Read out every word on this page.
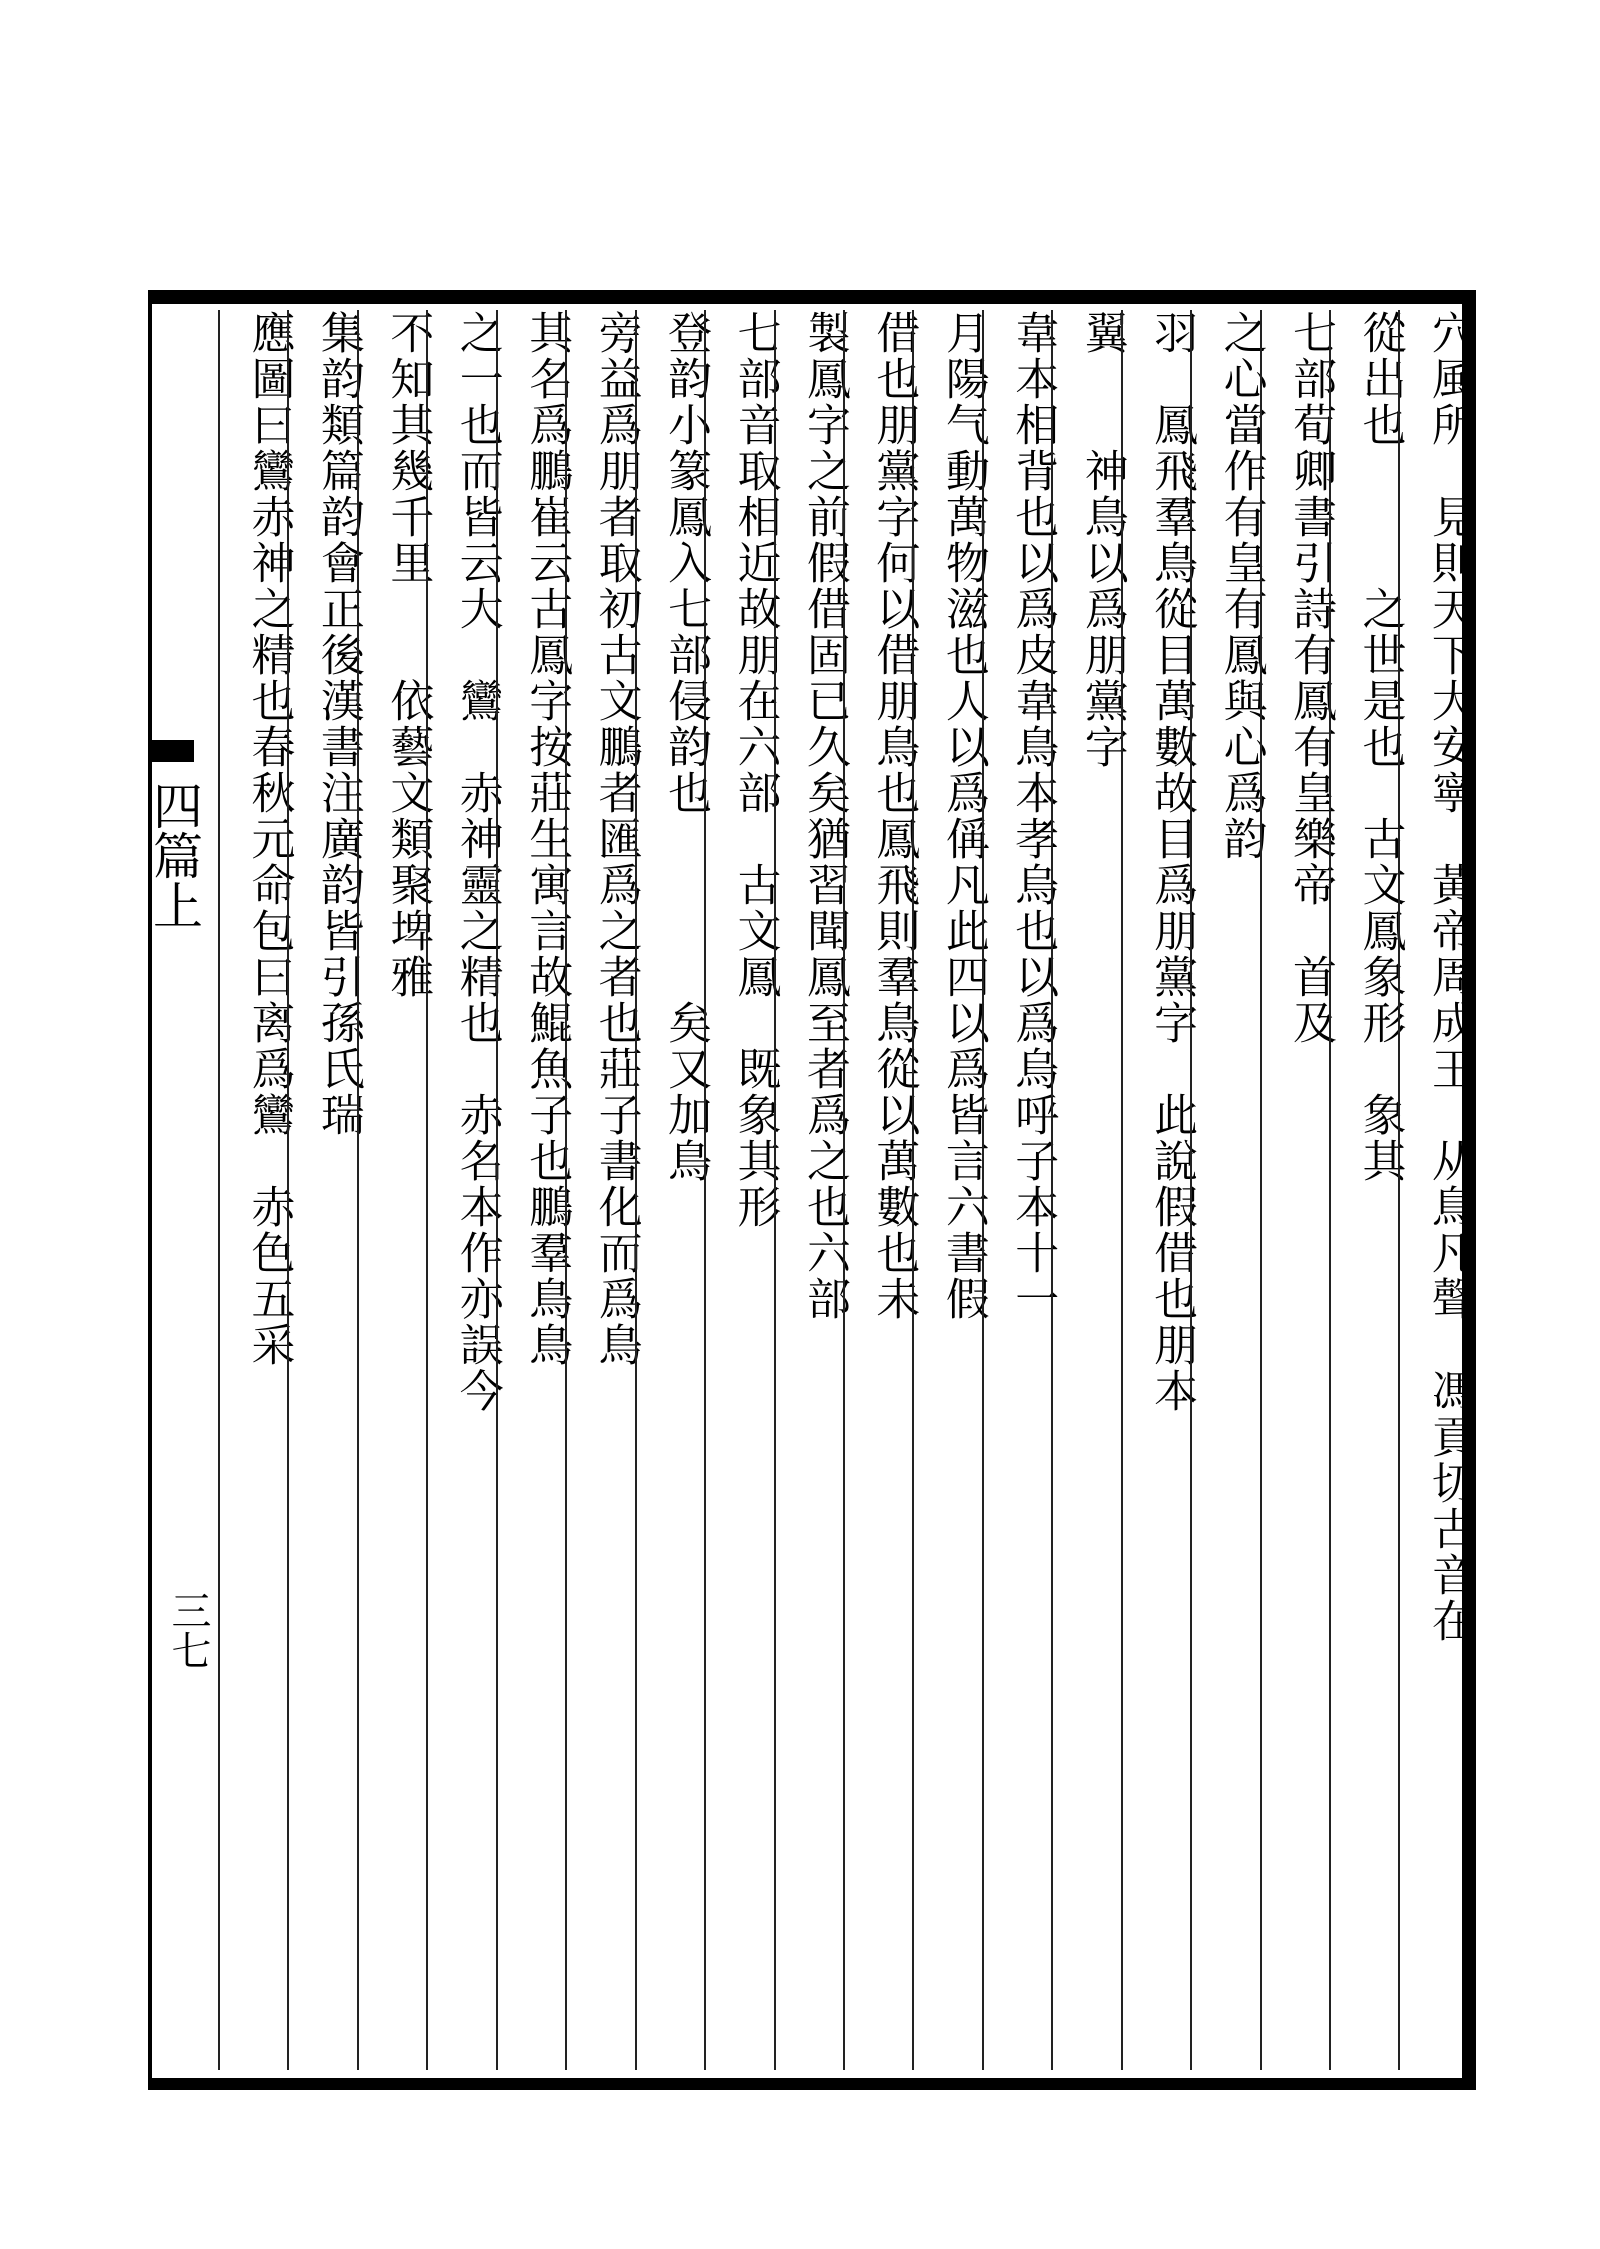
四篇上
三七	穴風所　見則天下大安寧　黃帝周成王　从鳥凡聲　馮貢切古音在
從出也　　　之世是也　古文鳳象形　象其
七部荀卿書引詩有鳳有皇樂帝　首及
之心當作有皇有鳳與心爲韵
羽　鳳飛羣鳥從目萬數故目爲朋黨字　此說假借也朋本
翼　　神鳥以爲朋黨字
韋本相背也以爲皮韋鳥本孝烏也以爲烏呼子本十一
月陽气動萬物滋也人以爲偁凡此四以爲皆言六書假
借也朋黨字何以借朋鳥也鳳飛則羣鳥從以萬數也未
製鳳字之前假借固已久矣猶習聞鳳至者爲之也六部
七部音取相近故朋在六部　古文鳳　既象其形
登韵小篆鳳入七部侵韵也　　　　矣又加鳥
旁益爲朋者取初古文鵬者匯爲之者也莊子書化而爲鳥
其名爲鵬崔云古鳳字按莊生寓言故鯤魚子也鵬羣鳥鳥
之一也而皆云大　鸞　赤神靈之精也　赤名本作亦誤今
不知其幾千里　　依藝文類聚埤雅
集韵類篇韵會正後漢書注廣韵皆引孫氏瑞
應圖曰鸞赤神之精也春秋元命包曰离爲鸞　赤色五采
